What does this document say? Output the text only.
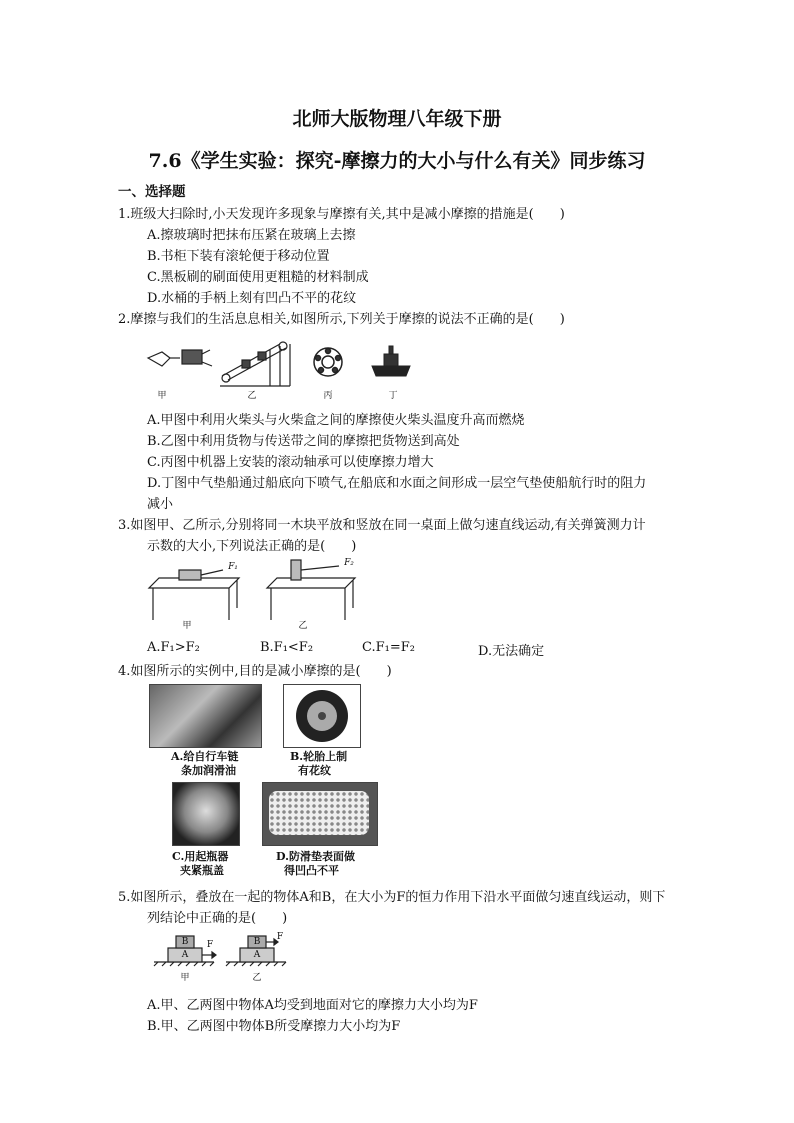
北师大版物理八年级下册
7.6《学生实验：探究-摩擦力的大小与什么有关》同步练习
一、选择题
1.班级大扫除时,小天发现许多现象与摩擦有关,其中是减小摩擦的措施是(　　)
A.擦玻璃时把抹布压紧在玻璃上去擦
B.书柜下装有滚轮便于移动位置
C.黑板刷的刷面使用更粗糙的材料制成
D.水桶的手柄上刻有凹凸不平的花纹
2.摩擦与我们的生活息息相关,如图所示,下列关于摩擦的说法不正确的是(　　)
甲	乙	丙	丁
A.甲图中利用火柴头与火柴盒之间的摩擦使火柴头温度升高而燃烧
B.乙图中利用货物与传送带之间的摩擦把货物送到高处
C.丙图中机器上安装的滚动轴承可以使摩擦力增大
D.丁图中气垫船通过船底向下喷气,在船底和水面之间形成一层空气垫使船航行时的阻力
减小
3.如图甲、乙所示,分别将同一木块平放和竖放在同一桌面上做匀速直线运动,有关弹簧测力计
示数的大小,下列说法正确的是(　　)
F₁	F₂
甲	乙
A.F₁>F₂	B.F₁<F₂	C.F₁=F₂	D.无法确定
4.如图所示的实例中,目的是减小摩擦的是(　　)
A.给自行车链
条加润滑油
B.轮胎上制
有花纹
C.用起瓶器
夹紧瓶盖
D.防滑垫表面做
得凹凸不平
5.如图所示，叠放在一起的物体A和B，在大小为F的恒力作用下沿水平面做匀速直线运动，则下
列结论中正确的是(　　)
A
B	F
甲
A
B	F
乙
A.甲、乙两图中物体A均受到地面对它的摩擦力大小均为F
B.甲、乙两图中物体B所受摩擦力大小均为F
